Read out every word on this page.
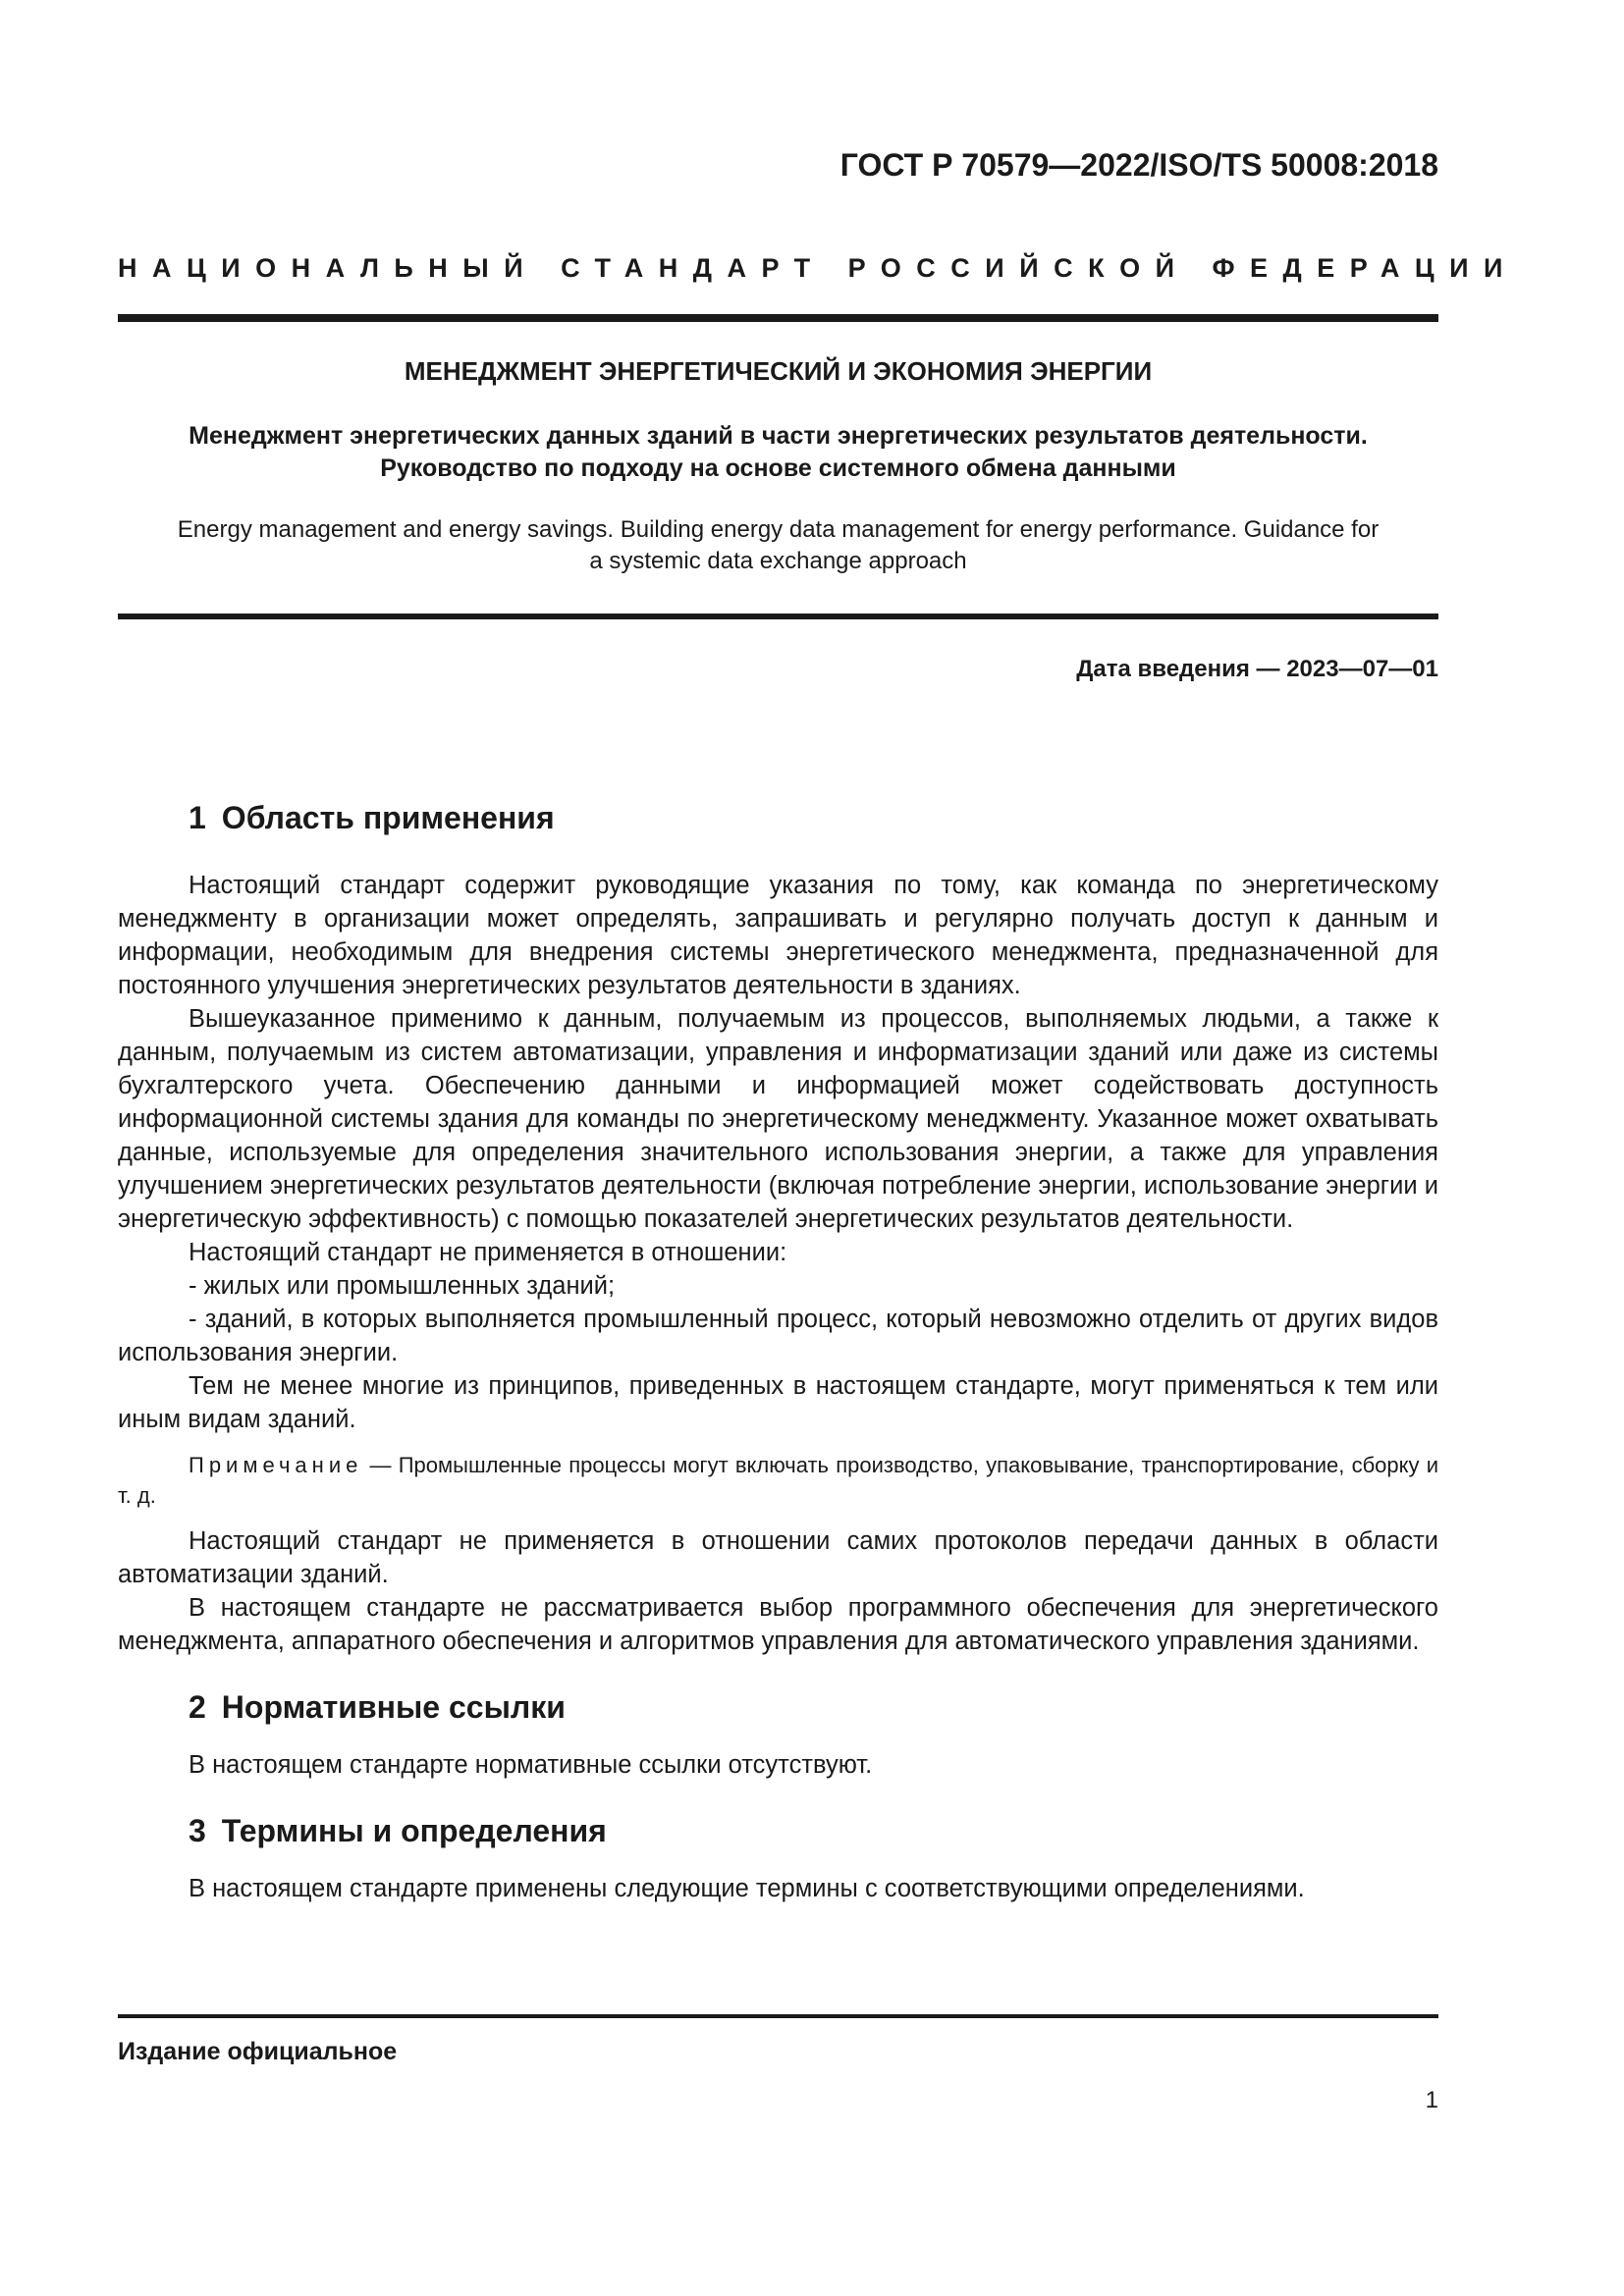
ГОСТ Р 70579—2022/ISO/TS 50008:2018
НАЦИОНАЛЬНЫЙ СТАНДАРТ РОССИЙСКОЙ ФЕДЕРАЦИИ
МЕНЕДЖМЕНТ ЭНЕРГЕТИЧЕСКИЙ И ЭКОНОМИЯ ЭНЕРГИИ
Менеджмент энергетических данных зданий в части энергетических результатов деятельности.
Руководство по подходу на основе системного обмена данными
Energy management and energy savings. Building energy data management for energy performance. Guidance for
a systemic data exchange approach
Дата введения — 2023—07—01
1 Область применения

Настоящий стандарт содержит руководящие указания по тому, как команда по энергетическому менеджменту в организации может определять, запрашивать и регулярно получать доступ к данным и информации, необходимым для внедрения системы энергетического менеджмента, предназначенной для постоянного улучшения энергетических результатов деятельности в зданиях.

Вышеуказанное применимо к данным, получаемым из процессов, выполняемых людьми, а также к данным, получаемым из систем автоматизации, управления и информатизации зданий или даже из системы бухгалтерского учета. Обеспечению данными и информацией может содействовать доступность информационной системы здания для команды по энергетическому менеджменту. Указанное может охватывать данные, используемые для определения значительного использования энергии, а также для управления улучшением энергетических результатов деятельности (включая потребление энергии, использование энергии и энергетическую эффективность) с помощью показателей энергетических результатов деятельности.

Настоящий стандарт не применяется в отношении:

- жилых или промышленных зданий;

- зданий, в которых выполняется промышленный процесс, который невозможно отделить от других видов использования энергии.

Тем не менее многие из принципов, приведенных в настоящем стандарте, могут применяться к тем или иным видам зданий.

Примечание — Промышленные процессы могут включать производство, упаковывание, транспортирование, сборку и т. д.

Настоящий стандарт не применяется в отношении самих протоколов передачи данных в области автоматизации зданий.

В настоящем стандарте не рассматривается выбор программного обеспечения для энергетического менеджмента, аппаратного обеспечения и алгоритмов управления для автоматического управления зданиями.

2 Нормативные ссылки

В настоящем стандарте нормативные ссылки отсутствуют.

3 Термины и определения

В настоящем стандарте применены следующие термины с соответствующими определениями.

Издание официальное
1
